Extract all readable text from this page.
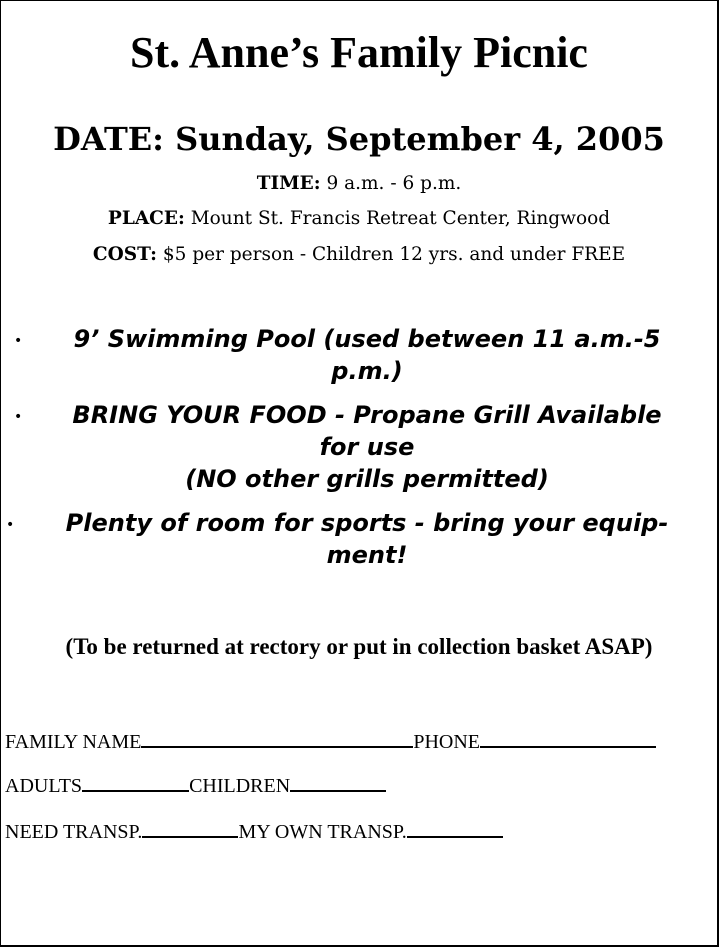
St. Anne’s Family Picnic
DATE: Sunday, September 4, 2005
TIME: 9 a.m. - 6 p.m.
PLACE: Mount St. Francis Retreat Center, Ringwood
COST: $5 per person - Children 12 yrs. and under FREE
•	9’ Swimming Pool (used between 11 a.m.-5
p.m.)
•	BRING YOUR FOOD - Propane Grill Available
for use
(NO other grills permitted)
•	Plenty of room for sports - bring your equip-
ment!
(To be returned at rectory or put in collection basket ASAP)
FAMILY NAME	PHONE
ADULTS	CHILDREN
NEED TRANSP.	MY OWN TRANSP.
